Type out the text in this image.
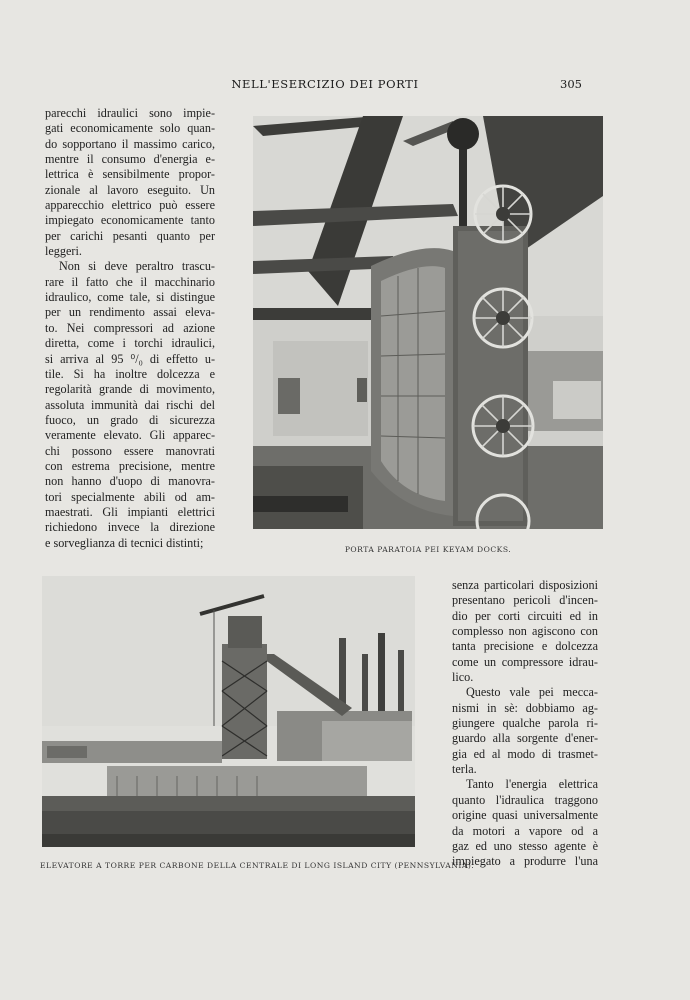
NELL'ESERCIZIO DEI PORTI	305

parecchi idraulici sono impie-
gati economicamente solo quan-
do sopportano il massimo carico,
mentre il consumo d'energia e-
lettrica è sensibilmente propor-
zionale al lavoro eseguito. Un
apparecchio elettrico può essere
impiegato economicamente tanto
per carichi pesanti quanto per
leggeri.

Non si deve peraltro trascu-
rare il fatto che il macchinario
idraulico, come tale, si distingue
per un rendimento assai eleva-
to. Nei compressori ad azione
diretta, come i torchi idraulici,
si arriva al 95 ⁰/₀ di effetto u-
tile. Si ha inoltre dolcezza e
regolarità grande di movimento,
assoluta immunità dai rischi del
fuoco, un grado di sicurezza
veramente elevato. Gli apparec-
chi possono essere manovrati
con estrema precisione, mentre
non hanno d'uopo di manovra-
tori specialmente abili od am-
maestrati. Gli impianti elettrici
richiedono invece la direzione
e sorveglianza di tecnici distinti;	PORTA PARATOIA PEI KEYAM DOCKS.
ELEVATORE A TORRE PER CARBONE DELLA CENTRALE DI LONG ISLAND CITY (PENNSYLVANIA).

senza particolari disposizioni
presentano pericoli d'incen-
dio per corti circuiti ed in
complesso non agiscono con
tanta precisione e dolcezza
come un compressore idrau-
lico.

Questo vale pei mecca-
nismi in sè: dobbiamo ag-
giungere qualche parola ri-
guardo alla sorgente d'ener-
gia ed al modo di trasmet-
terla.

Tanto l'energia elettrica
quanto l'idraulica traggono
origine quasi universalmente
da motori a vapore od a
gaz ed uno stesso agente è
impiegato a produrre l'una
